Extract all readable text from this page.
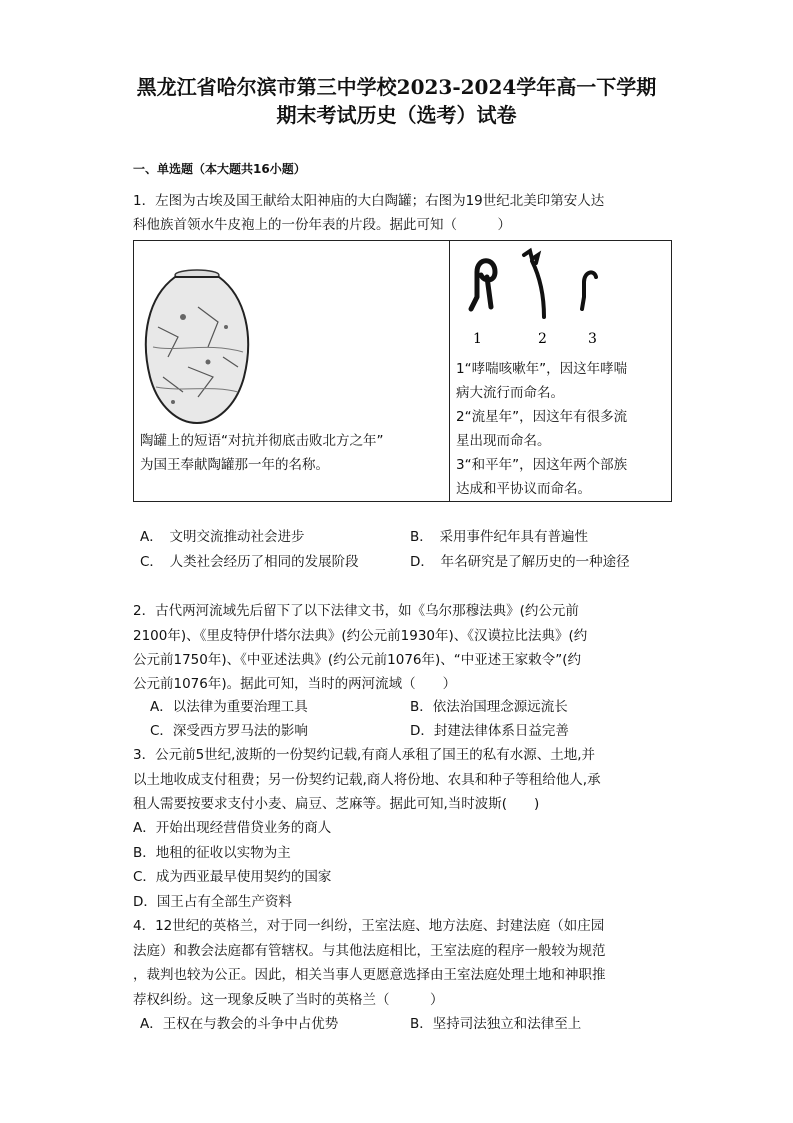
黑龙江省哈尔滨市第三中学校2023-2024学年高一下学期
期末考试历史（选考）试卷
一、单选题（本大题共16小题）
1．左图为古埃及国王献给太阳神庙的大白陶罐；右图为19世纪北美印第安人达
科他族首领水牛皮袍上的一份年表的片段。据此可知（　　　）
陶罐上的短语“对抗并彻底击败北方之年”
为国王奉献陶罐那一年的名称。
1	2	3
1“哮喘咳嗽年”，因这年哮喘
病大流行而命名。
2“流星年”，因这年有很多流
星出现而命名。
3“和平年”，因这年两个部族
达成和平协议而命名。
A．　文明交流推动社会进步	B．　采用事件纪年具有普遍性
C．　人类社会经历了相同的发展阶段	D．　年名研究是了解历史的一种途径
2．古代两河流域先后留下了以下法律文书，如《乌尔那穆法典》(约公元前
2100年)、《里皮特伊什塔尔法典》(约公元前1930年)、《汉谟拉比法典》(约
公元前1750年)、《中亚述法典》(约公元前1076年)、“中亚述王家敕令”(约
公元前1076年)。据此可知，当时的两河流域（　　）
A．以法律为重要治理工具	B．依法治国理念源远流长
C．深受西方罗马法的影响	D．封建法律体系日益完善
3．公元前5世纪,波斯的一份契约记载,有商人承租了国王的私有水源、土地,并
以土地收成支付租费；另一份契约记载,商人将份地、农具和种子等租给他人,承
租人需要按要求支付小麦、扁豆、芝麻等。据此可知,当时波斯(　　)
A．开始出现经营借贷业务的商人
B．地租的征收以实物为主
C．成为西亚最早使用契约的国家
D．国王占有全部生产资料
4．12世纪的英格兰，对于同一纠纷，王室法庭、地方法庭、封建法庭（如庄园
法庭）和教会法庭都有管辖权。与其他法庭相比，王室法庭的程序一般较为规范
，裁判也较为公正。因此，相关当事人更愿意选择由王室法庭处理土地和神职推
荐权纠纷。这一现象反映了当时的英格兰（　　　）
A．王权在与教会的斗争中占优势	B．坚持司法独立和法律至上
